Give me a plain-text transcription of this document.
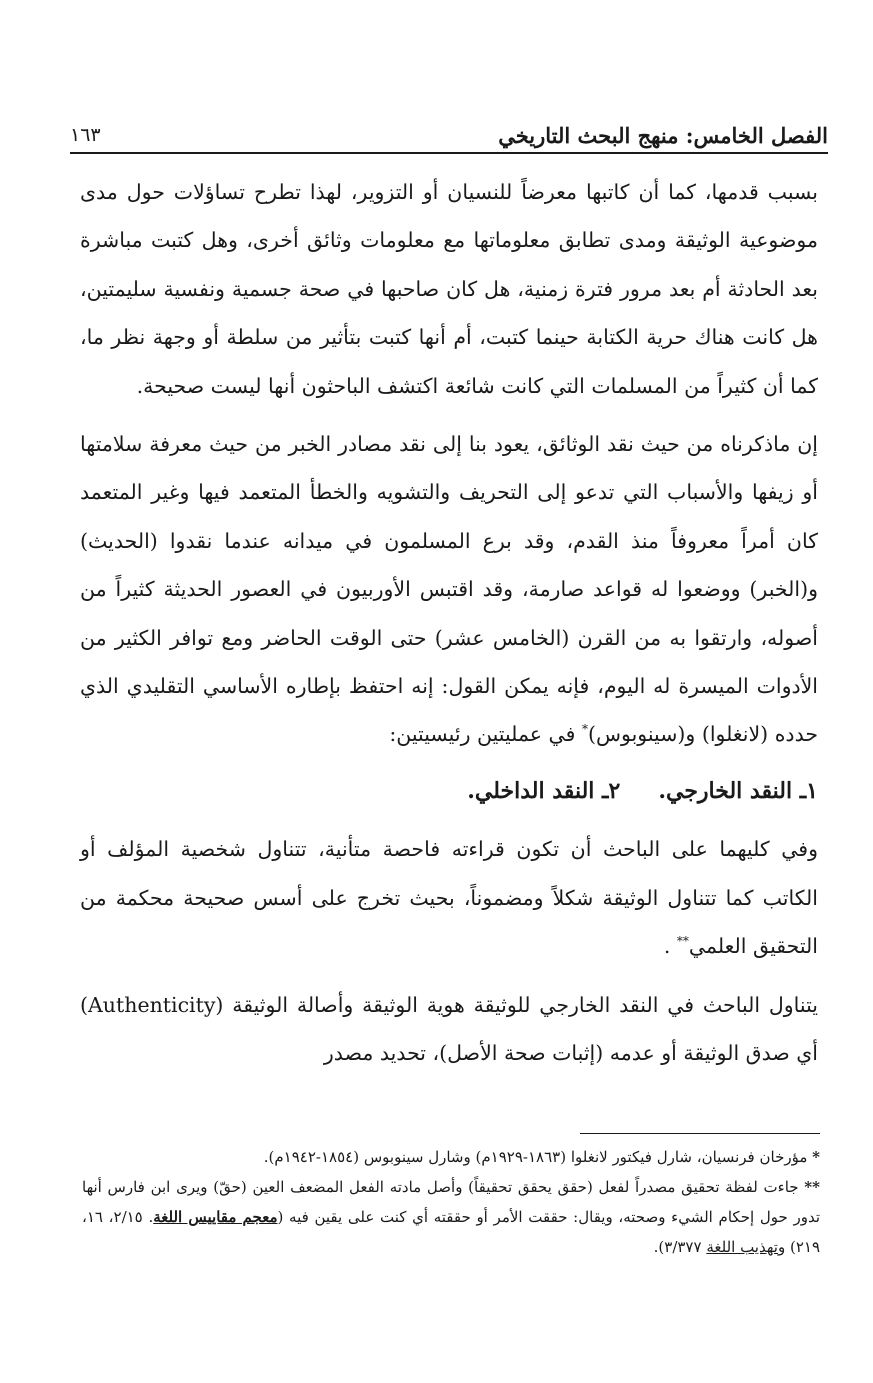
الفصل الخامس: منهج البحث التاريخي
١٦٣

بسبب قدمها، كما أن كاتبها معرضاً للنسيان أو التزوير، لهذا تطرح تساؤلات حول مدى موضوعية الوثيقة ومدى تطابق معلوماتها مع معلومات وثائق أخرى، وهل كتبت مباشرة بعد الحادثة أم بعد مرور فترة زمنية، هل كان صاحبها في صحة جسمية ونفسية سليمتين، هل كانت هناك حرية الكتابة حينما كتبت، أم أنها كتبت بتأثير من سلطة أو وجهة نظر ما، كما أن كثيراً من المسلمات التي كانت شائعة اكتشف الباحثون أنها ليست صحيحة.

إن ماذكرناه من حيث نقد الوثائق، يعود بنا إلى نقد مصادر الخبر من حيث معرفة سلامتها أو زيفها والأسباب التي تدعو إلى التحريف والتشويه والخطأ المتعمد فيها وغير المتعمد كان أمراً معروفاً منذ القدم، وقد برع المسلمون في ميدانه عندما نقدوا (الحديث) و(الخبر) ووضعوا له قواعد صارمة، وقد اقتبس الأوربيون في العصور الحديثة كثيراً من أصوله، وارتقوا به من القرن (الخامس عشر) حتى الوقت الحاضر ومع توافر الكثير من الأدوات الميسرة له اليوم، فإنه يمكن القول: إنه احتفظ بإطاره الأساسي التقليدي الذي حدده (لانغلوا) و(سينوبوس)* في عمليتين رئيسيتين:

١ـ النقد الخارجي.٢ـ النقد الداخلي.

وفي كليهما على الباحث أن تكون قراءته فاحصة متأنية، تتناول شخصية المؤلف أو الكاتب كما تتناول الوثيقة شكلاً ومضموناً، بحيث تخرج على أسس صحيحة محكمة من التحقيق العلمي** .

يتناول الباحث في النقد الخارجي للوثيقة هوية الوثيقة وأصالة الوثيقة (Authenticity) أي صدق الوثيقة أو عدمه (إثبات صحة الأصل)، تحديد مصدر

* مؤرخان فرنسيان، شارل فيكتور لانغلوا (١٨٦٣-١٩٢٩م) وشارل سينوبوس (١٨٥٤-١٩٤٢م).

** جاءت لفظة تحقيق مصدراً لفعل (حقق يحقق تحقيقاً) وأصل مادته الفعل المضعف العين (حقّ) ويرى ابن فارس أنها تدور حول إحكام الشيء وصحته، ويقال: حققت الأمر أو حققته أي كنت على يقين فيه (معجم مقاييس اللغة. ٢/١٥، ١٦، ٢١٩) وتهذيب اللغة ٣/٣٧٧).
